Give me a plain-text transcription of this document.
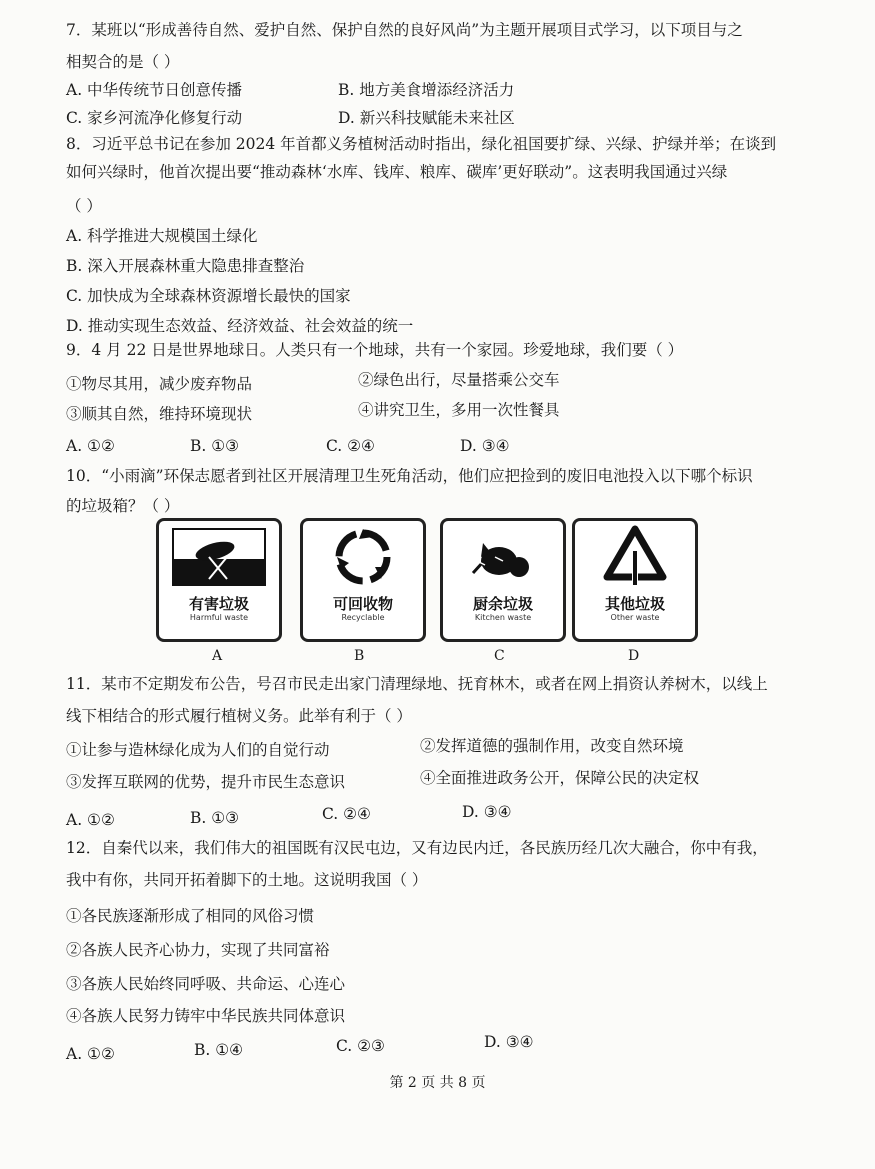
7．某班以“形成善待自然、爱护自然、保护自然的良好风尚”为主题开展项目式学习，以下项目与之
相契合的是（ ）
A. 中华传统节日创意传播	B. 地方美食增添经济活力
C. 家乡河流净化修复行动	D. 新兴科技赋能未来社区
8．习近平总书记在参加 2024 年首都义务植树活动时指出，绿化祖国要扩绿、兴绿、护绿并举；在谈到
如何兴绿时，他首次提出要“推动森林‘水库、钱库、粮库、碳库’更好联动”。这表明我国通过兴绿
（ ）
A. 科学推进大规模国土绿化
B. 深入开展森林重大隐患排查整治
C. 加快成为全球森林资源增长最快的国家
D. 推动实现生态效益、经济效益、社会效益的统一
9．4 月 22 日是世界地球日。人类只有一个地球，共有一个家园。珍爱地球，我们要（ ）
①物尽其用，减少废弃物品	②绿色出行，尽量搭乘公交车
③顺其自然，维持环境现状	④讲究卫生，多用一次性餐具
A. ①②	B. ①③	C. ②④	D. ③④
10．“小雨滴”环保志愿者到社区开展清理卫生死角活动，他们应把捡到的废旧电池投入以下哪个标识
的垃圾箱？（ ）
有害垃圾
Harmful waste
A
可回收物
Recyclable
B
厨余垃圾
Kitchen waste
C
其他垃圾
Other waste
D
11．某市不定期发布公告，号召市民走出家门清理绿地、抚育林木，或者在网上捐资认养树木，以线上
线下相结合的形式履行植树义务。此举有利于（ ）
①让参与造林绿化成为人们的自觉行动	②发挥道德的强制作用，改变自然环境
③发挥互联网的优势，提升市民生态意识	④全面推进政务公开，保障公民的决定权
A. ①②	B. ①③	C. ②④	D. ③④
12．自秦代以来，我们伟大的祖国既有汉民屯边，又有边民内迁，各民族历经几次大融合，你中有我，
我中有你，共同开拓着脚下的土地。这说明我国（ ）
①各民族逐渐形成了相同的风俗习惯
②各族人民齐心协力，实现了共同富裕
③各族人民始终同呼吸、共命运、心连心
④各族人民努力铸牢中华民族共同体意识
A. ①②	B. ①④	C. ②③	D. ③④
第 2 页 共 8 页
